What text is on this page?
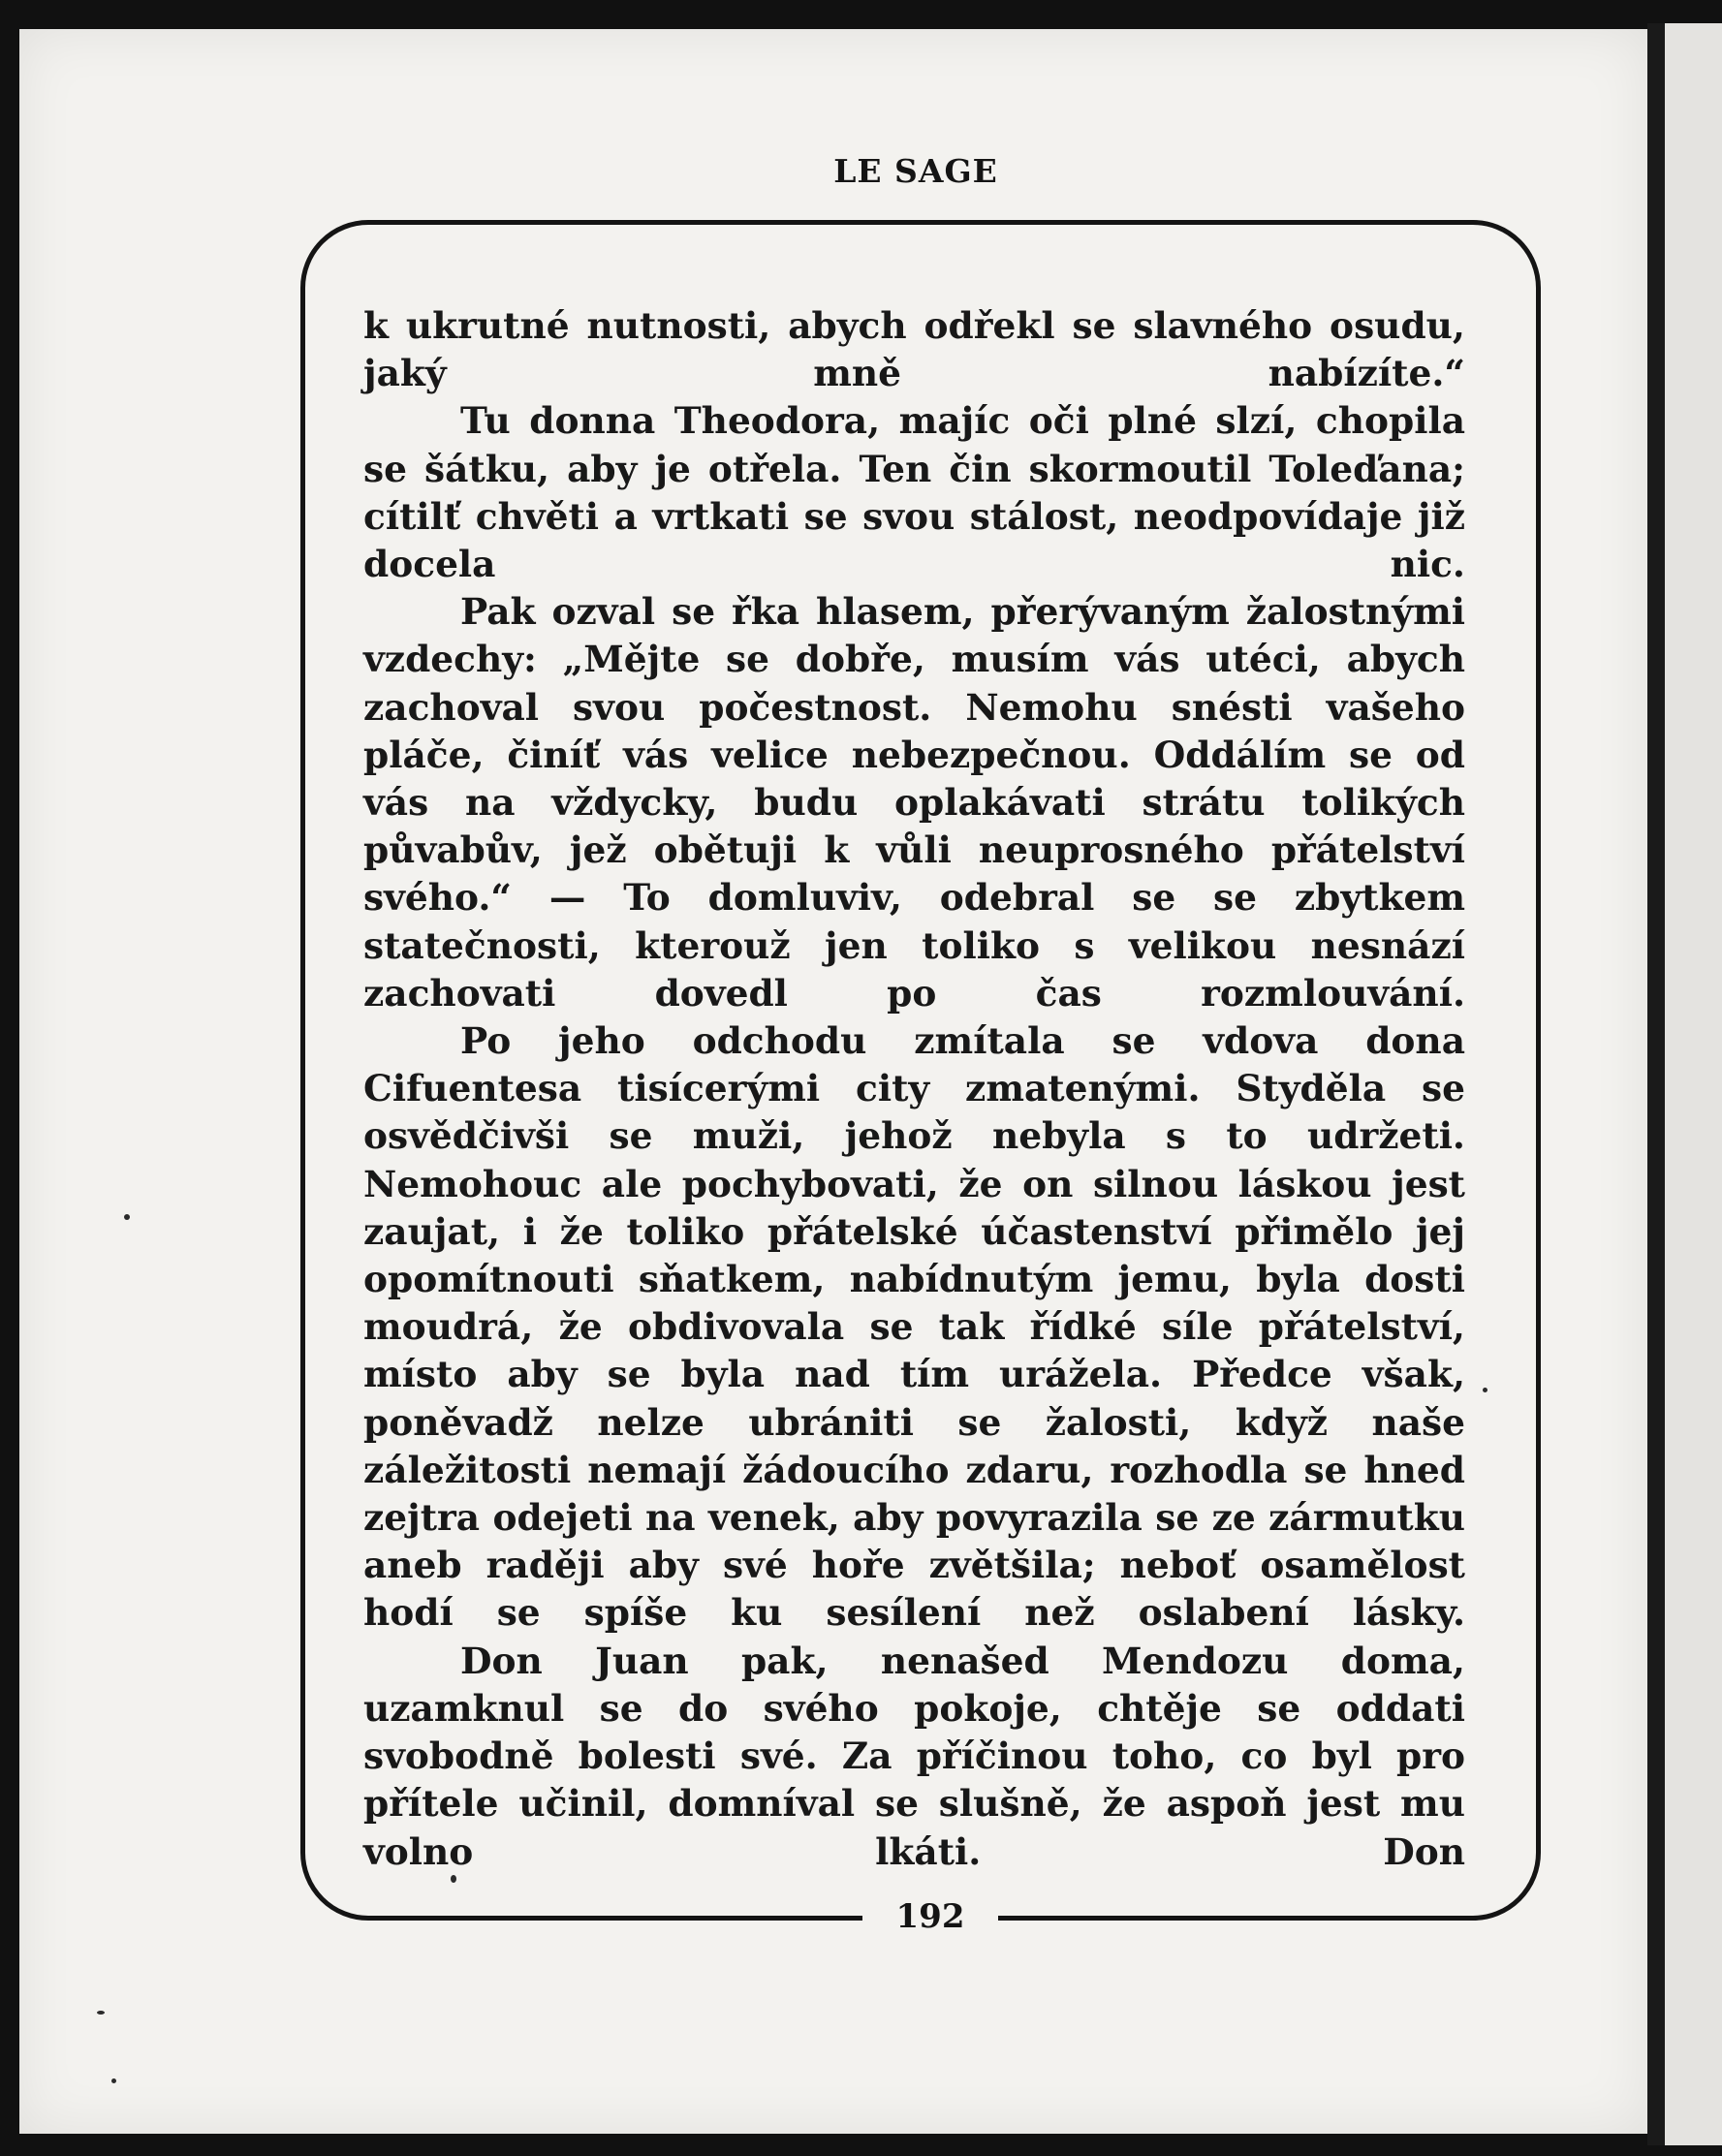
LE SAGE

k ukrutné nutnosti, abych odřekl se slavného osudu, jaký mně nabízíte.“

Tu donna Theodora, majíc oči plné slzí, chopila se šátku, aby je otřela. Ten čin skormoutil Toleďana; cítilť chvěti a vrtkati se svou stálost, neodpovídaje již docela nic.

Pak ozval se řka hlasem, přerývaným žalostnými vzdechy: „Mějte se dobře, musím vás utéci, abych zachoval svou počestnost. Nemohu snésti vašeho pláče, činíť vás velice nebezpečnou. Oddálím se od vás na vždycky, budu oplakávati strátu tolikých půvabův, jež obětuji k vůli neuprosného přátelství svého.“ — To domluviv, odebral se se zbytkem statečnosti, kterouž jen toliko s velikou nesnází zachovati dovedl po čas rozmlouvání.

Po jeho odchodu zmítala se vdova dona Cifuentesa tisícerými city zmatenými. Styděla se osvědčivši se muži, jehož nebyla s to udržeti. Nemohouc ale pochybovati, že on silnou láskou jest zaujat, i že toliko přátelské účastenství přimělo jej opomítnouti sňatkem, nabídnutým jemu, byla dosti moudrá, že obdivovala se tak řídké síle přátelství, místo aby se byla nad tím urážela. Předce však, poněvadž nelze ubrániti se žalosti, když naše záležitosti nemají žádoucího zdaru, rozhodla se hned zejtra odejeti na venek, aby povyrazila se ze zármutku aneb raději aby své hoře zvětšila; neboť osamělost hodí se spíše ku sesílení než oslabení lásky.

Don Juan pak, nenašed Mendozu doma, uzamknul se do svého pokoje, chtěje se oddati svobodně bolesti své. Za příčinou toho, co byl pro přítele učinil, domníval se slušně, že aspoň jest mu volno lkáti. Don

192
